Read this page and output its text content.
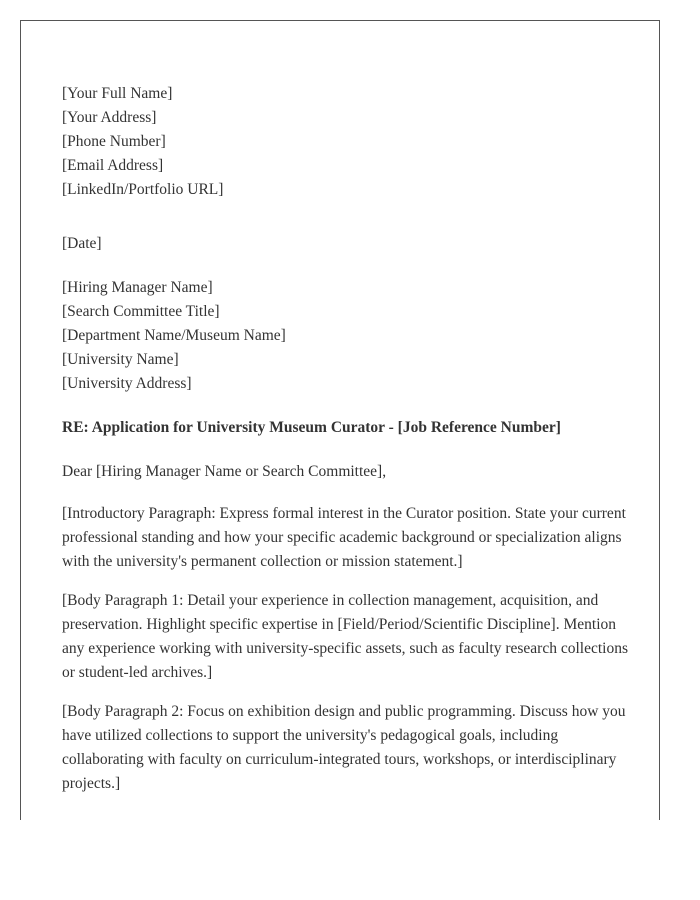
[Your Full Name]
[Your Address]
[Phone Number]
[Email Address]
[LinkedIn/Portfolio URL]
[Date]
[Hiring Manager Name]
[Search Committee Title]
[Department Name/Museum Name]
[University Name]
[University Address]
RE: Application for University Museum Curator - [Job Reference Number]
Dear [Hiring Manager Name or Search Committee],

[Introductory Paragraph: Express formal interest in the Curator position. State your current professional standing and how your specific academic background or specialization aligns with the university's permanent collection or mission statement.]

[Body Paragraph 1: Detail your experience in collection management, acquisition, and preservation. Highlight specific expertise in [Field/Period/Scientific Discipline]. Mention any experience working with university-specific assets, such as faculty research collections or student-led archives.]

[Body Paragraph 2: Focus on exhibition design and public programming. Discuss how you have utilized collections to support the university's pedagogical goals, including collaborating with faculty on curriculum-integrated tours, workshops, or interdisciplinary projects.]
